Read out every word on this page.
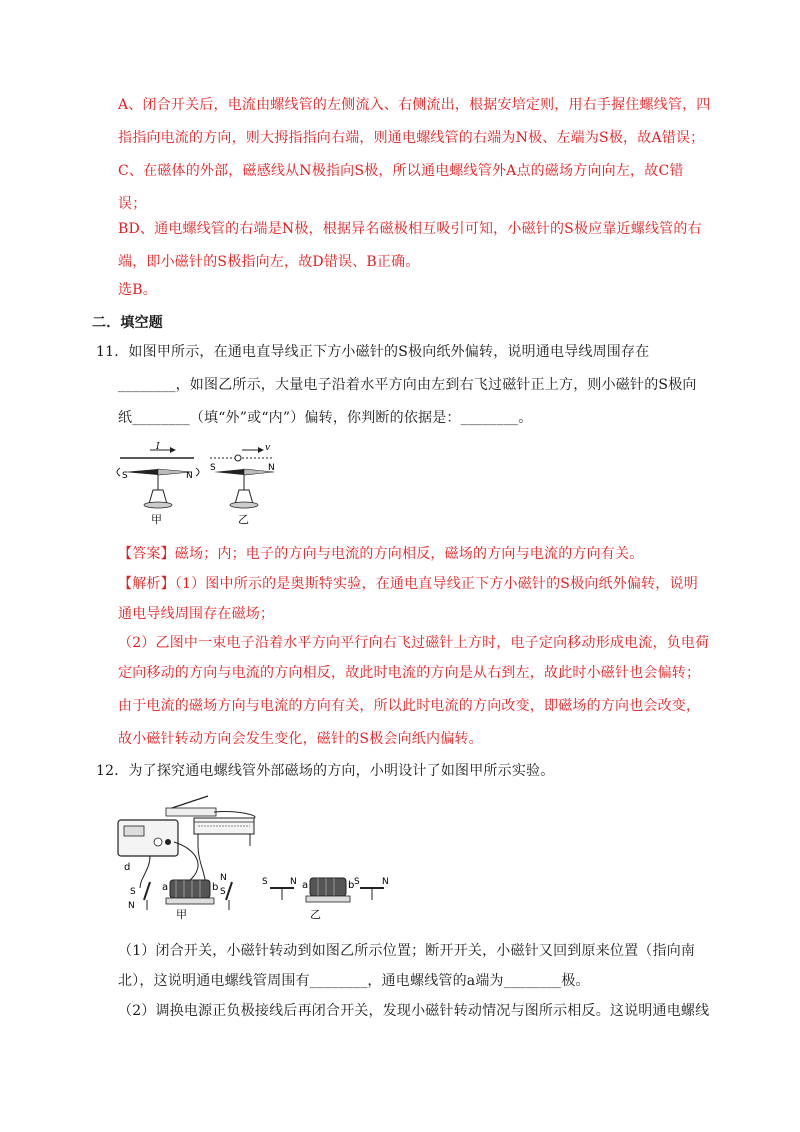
A、闭合开关后，电流由螺线管的左侧流入、右侧流出，根据安培定则，用右手握住螺线管，四
指指向电流的方向，则大拇指指向右端，则通电螺线管的右端为N极、左端为S极，故A错误；
C、在磁体的外部，磁感线从N极指向S极，所以通电螺线管外A点的磁场方向向左，故C错
误；
BD、通电螺线管的右端是N极，根据异名磁极相互吸引可知，小磁针的S极应靠近螺线管的右
端，即小磁针的S极指向左，故D错误、B正确。
选B。
二．填空题
11．如图甲所示，在通电直导线正下方小磁针的S极向纸外偏转，说明通电导线周围存在
________，如图乙所示，大量电子沿着水平方向由左到右飞过磁针正上方，则小磁针的S极向
纸________（填“外”或“内”）偏转，你判断的依据是：________。
I
S	N
甲
v
S	N
乙
【答案】磁场；内；电子的方向与电流的方向相反，磁场的方向与电流的方向有关。
【解析】（1）图中所示的是奥斯特实验，在通电直导线正下方小磁针的S极向纸外偏转，说明
通电导线周围存在磁场；
（2）乙图中一束电子沿着水平方向平行向右飞过磁针上方时，电子定向移动形成电流，负电荷
定向移动的方向与电流的方向相反，故此时电流的方向是从右到左，故此时小磁针也会偏转；
由于电流的磁场方向与电流的方向有关，所以此时电流的方向改变，即磁场的方向也会改变，
故小磁针转动方向会发生变化，磁针的S极会向纸内偏转。
12．为了探究通电螺线管外部磁场的方向，小明设计了如图甲所示实验。
d
a	b
S
N
N
S
甲
S N a	b S N
乙
（1）闭合开关，小磁针转动到如图乙所示位置；断开开关，小磁针又回到原来位置（指向南
北），这说明通电螺线管周围有________，通电螺线管的a端为________极。
（2）调换电源正负极接线后再闭合开关，发现小磁针转动情况与图所示相反。这说明通电螺线
